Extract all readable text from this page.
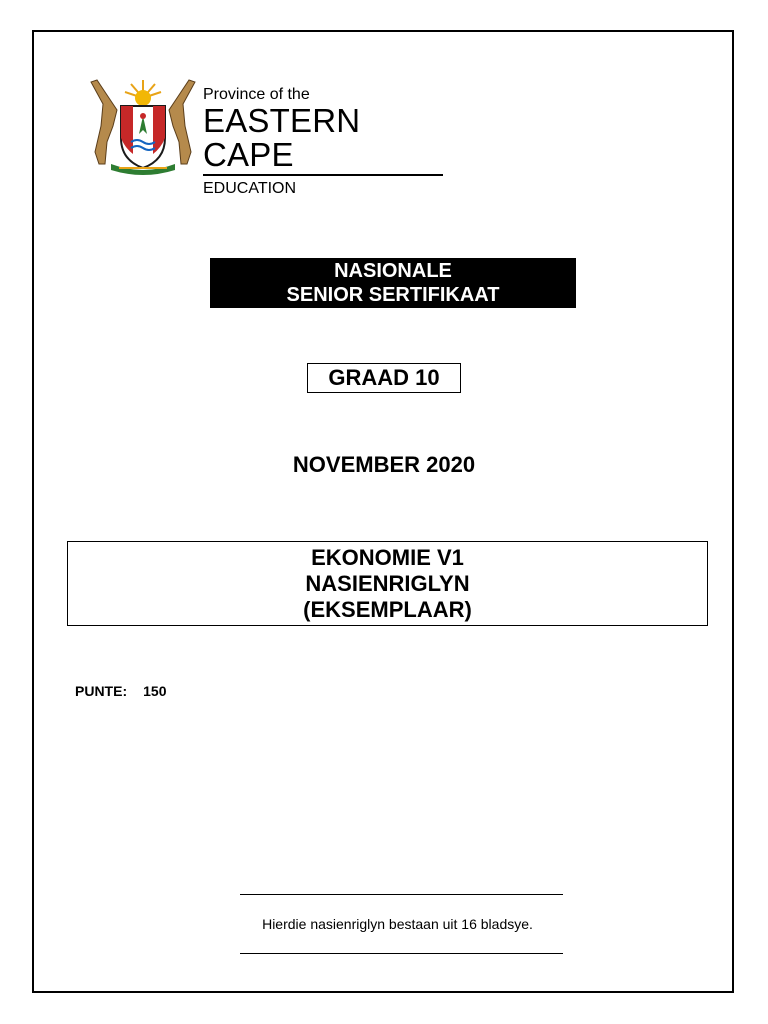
Province of the
EASTERN CAPE
EDUCATION
NASIONALE
SENIOR SERTIFIKAAT
GRAAD 10
NOVEMBER 2020
EKONOMIE V1
NASIENRIGLYN
(EKSEMPLAAR)
PUNTE: 150
Hierdie nasienriglyn bestaan uit 16 bladsye.
